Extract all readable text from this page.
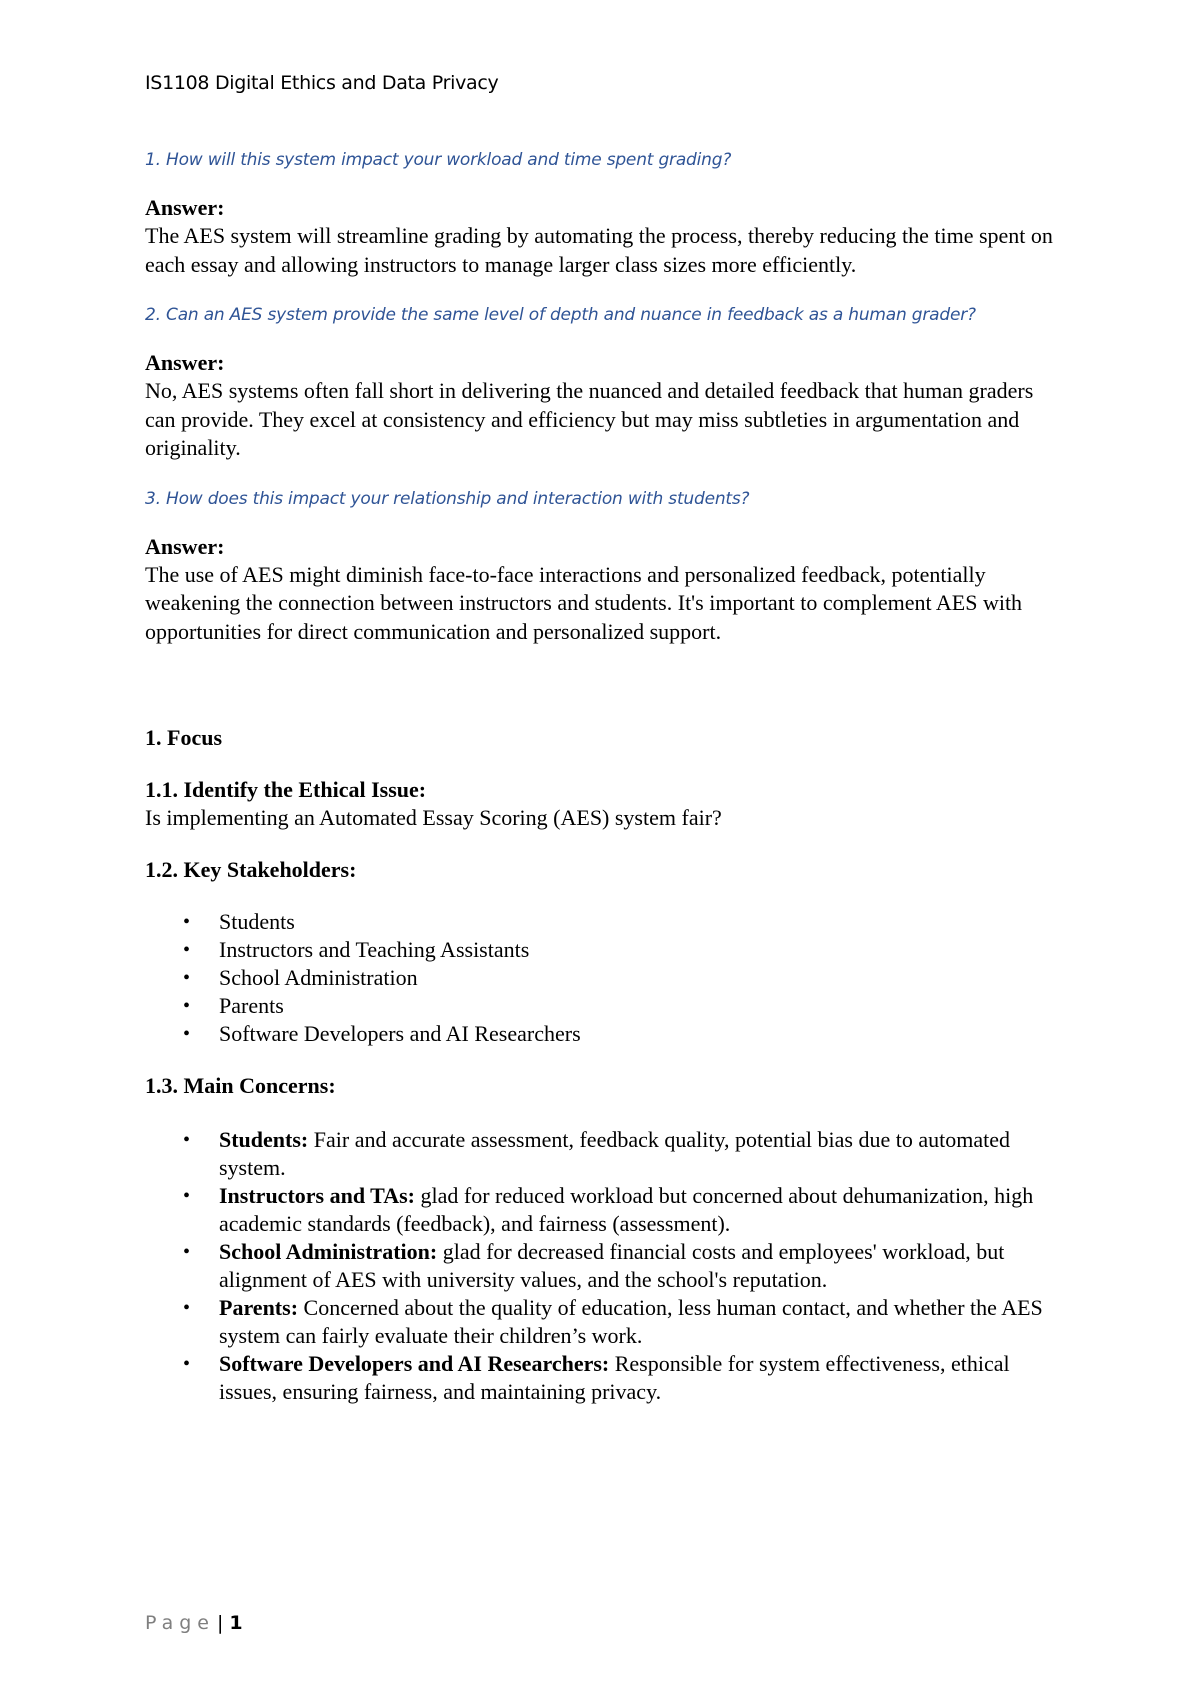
IS1108 Digital Ethics and Data Privacy

1. How will this system impact your workload and time spent grading?

Answer:

The AES system will streamline grading by automating the process, thereby reducing the time spent on each essay and allowing instructors to manage larger class sizes more efficiently.

2. Can an AES system provide the same level of depth and nuance in feedback as a human grader?

Answer:

No, AES systems often fall short in delivering the nuanced and detailed feedback that human graders can provide. They excel at consistency and efficiency but may miss subtleties in argumentation and originality.

3. How does this impact your relationship and interaction with students?

Answer:

The use of AES might diminish face-to-face interactions and personalized feedback, potentially weakening the connection between instructors and students. It's important to complement AES with opportunities for direct communication and personalized support.

1. Focus

1.1. Identify the Ethical Issue:

Is implementing an Automated Essay Scoring (AES) system fair?

1.2. Key Stakeholders:

• Students
• Instructors and Teaching Assistants
• School Administration
• Parents
• Software Developers and AI Researchers

1.3. Main Concerns:

• Students: Fair and accurate assessment, feedback quality, potential bias due to automated system.
• Instructors and TAs: glad for reduced workload but concerned about dehumanization, high academic standards (feedback), and fairness (assessment).
• School Administration: glad for decreased financial costs and employees' workload, but alignment of AES with university values, and the school's reputation.
• Parents: Concerned about the quality of education, less human contact, and whether the AES system can fairly evaluate their children’s work.
• Software Developers and AI Researchers: Responsible for system effectiveness, ethical issues, ensuring fairness, and maintaining privacy.
Page | 1
